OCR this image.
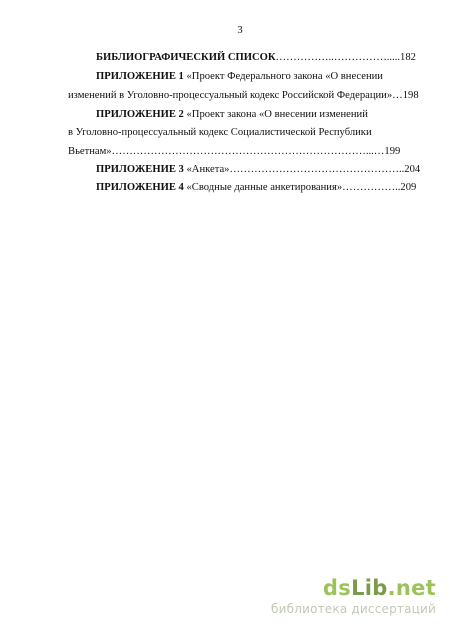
3
БИБЛИОГРАФИЧЕСКИЙ СПИСОК……………..…………….....182
ПРИЛОЖЕНИЕ 1 «Проект Федерального закона «О внесении
изменений в Уголовно-процессуальный кодекс Российской Федерации»…198
ПРИЛОЖЕНИЕ 2 «Проект закона «О внесении изменений
в Уголовно-процессуальный кодекс Социалистической Республики
Вьетнам»………………………………………………………………...…199
ПРИЛОЖЕНИЕ 3 «Анкета»…………………………………………..204
ПРИЛОЖЕНИЕ 4 «Сводные данные анкетирования»……………..209
dsLib.net
библиотека диссертаций
